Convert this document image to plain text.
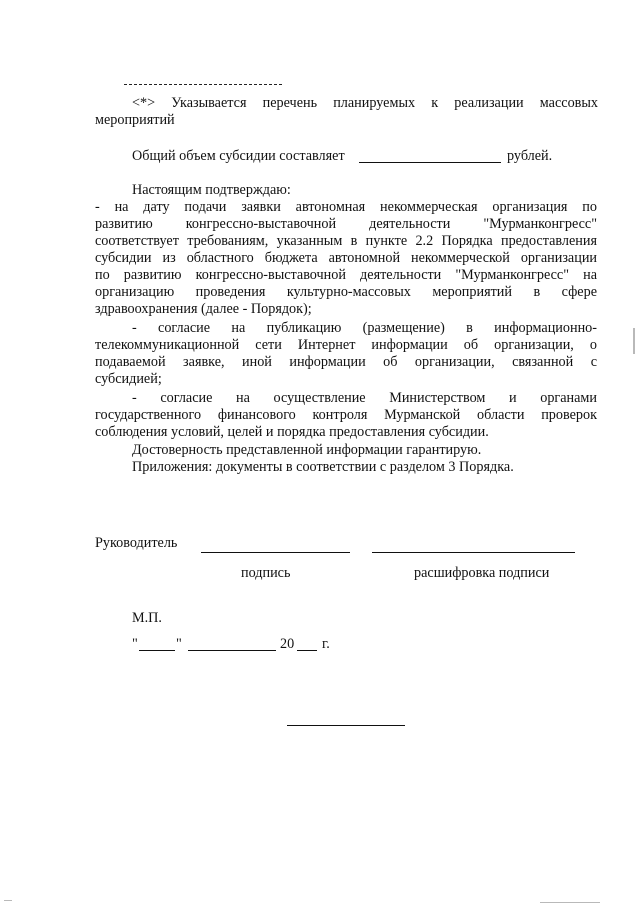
<*> Указывается перечень планируемых к реализации массовых
мероприятий
Общий объем субсидии составляет	рублей.
Настоящим подтверждаю:
- на дату подачи заявки автономная некоммерческая организация по
развитию конгрессно-выставочной деятельности "Мурманконгресс"
соответствует требованиям, указанным в пункте 2.2 Порядка предоставления
субсидии из областного бюджета автономной некоммерческой организации
по развитию конгрессно-выставочной деятельности "Мурманконгресс" на
организацию проведения культурно-массовых мероприятий в сфере
здравоохранения (далее - Порядок);
- согласие на публикацию (размещение) в информационно-
телекоммуникационной сети Интернет информации об организации, о
подаваемой заявке, иной информации об организации, связанной с
субсидией;
- согласие на осуществление Министерством и органами
государственного финансового контроля Мурманской области проверок
соблюдения условий, целей и порядка предоставления субсидии.
Достоверность представленной информации гарантирую.
Приложения: документы в соответствии с разделом 3 Порядка.
Руководитель
подпись	расшифровка подписи
М.П.
"	"	20 г.
